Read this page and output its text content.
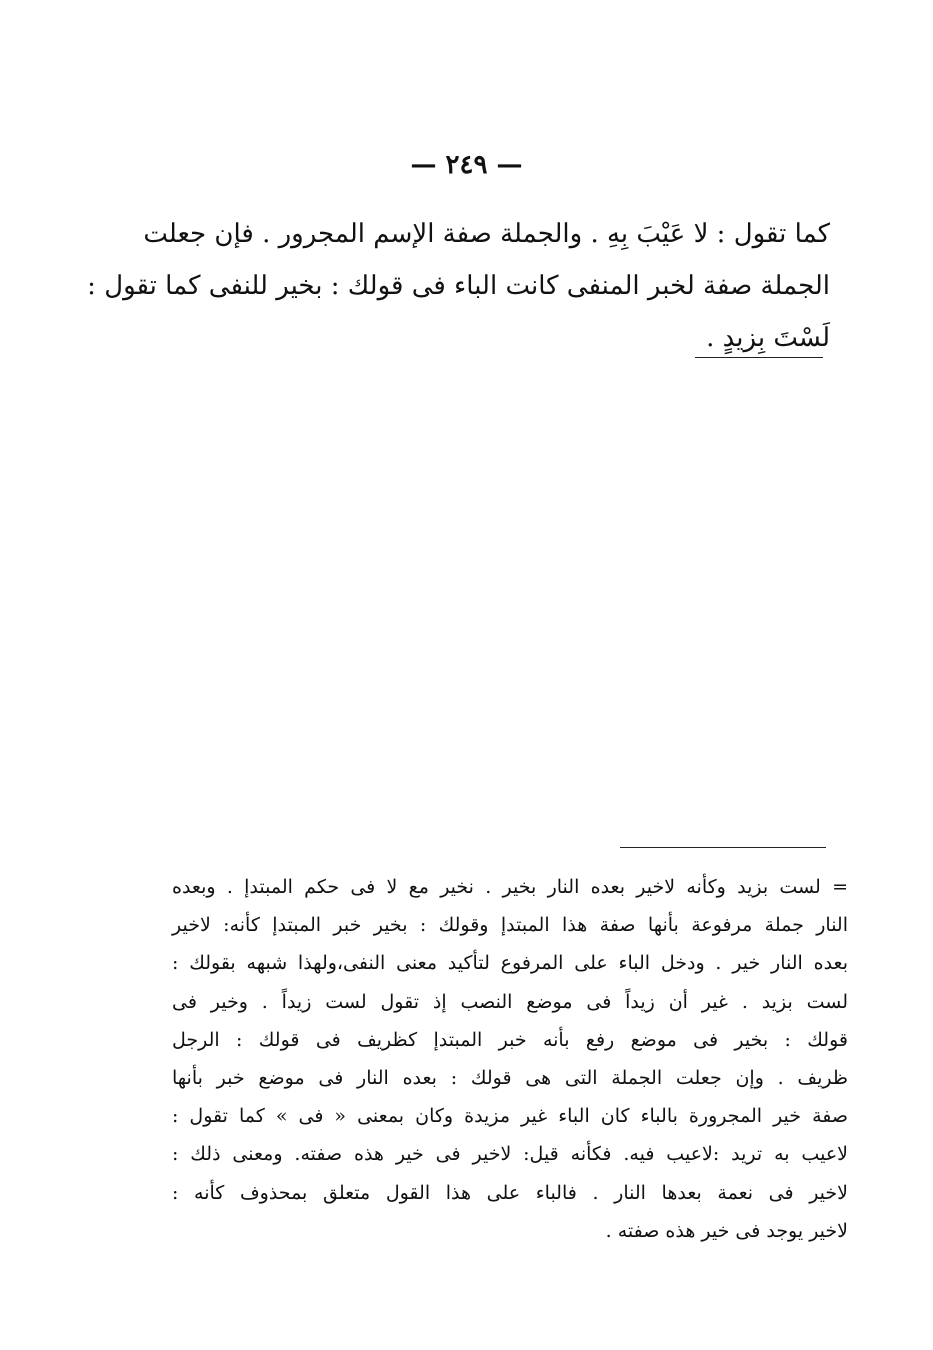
— ٢٤٩ —
كما تقول : لا عَيْبَ بِهِ . والجملة صفة الإسم المجرور . فإن جعلت
الجملة صفة لخبر المنفى كانت الباء فى قولك : بخير للنفى كما تقول :
لَسْتَ بِزيدٍ .
= لست بزيد وكأنه لاخير بعده النار بخير . نخير مع لا فى حكم المبتدإ . وبعده
النار جملة مرفوعة بأنها صفة هذا المبتدإ وقولك : بخير خبر المبتدإ كأنه: لاخير
بعده النار خير . ودخل الباء على المرفوع لتأكيد معنى النفى،ولهذا شبهه بقولك :
لست بزيد . غير أن زيداً فى موضع النصب إذ تقول لست زيداً . وخير فى
قولك : بخير فى موضع رفع بأنه خبر المبتدإ كظريف فى قولك : الرجل
ظريف . وإن جعلت الجملة التى هى قولك : بعده النار فى موضع خبر بأنها
صفة خير المجرورة بالباء كان الباء غير مزيدة وكان بمعنى « فى » كما تقول :
لاعيب به تريد :لاعيب فيه. فكأنه قيل: لاخير فى خير هذه صفته. ومعنى ذلك :
لاخير فى نعمة بعدها النار . فالباء على هذا القول متعلق بمحذوف كأنه :
لاخير يوجد فى خير هذه صفته .
